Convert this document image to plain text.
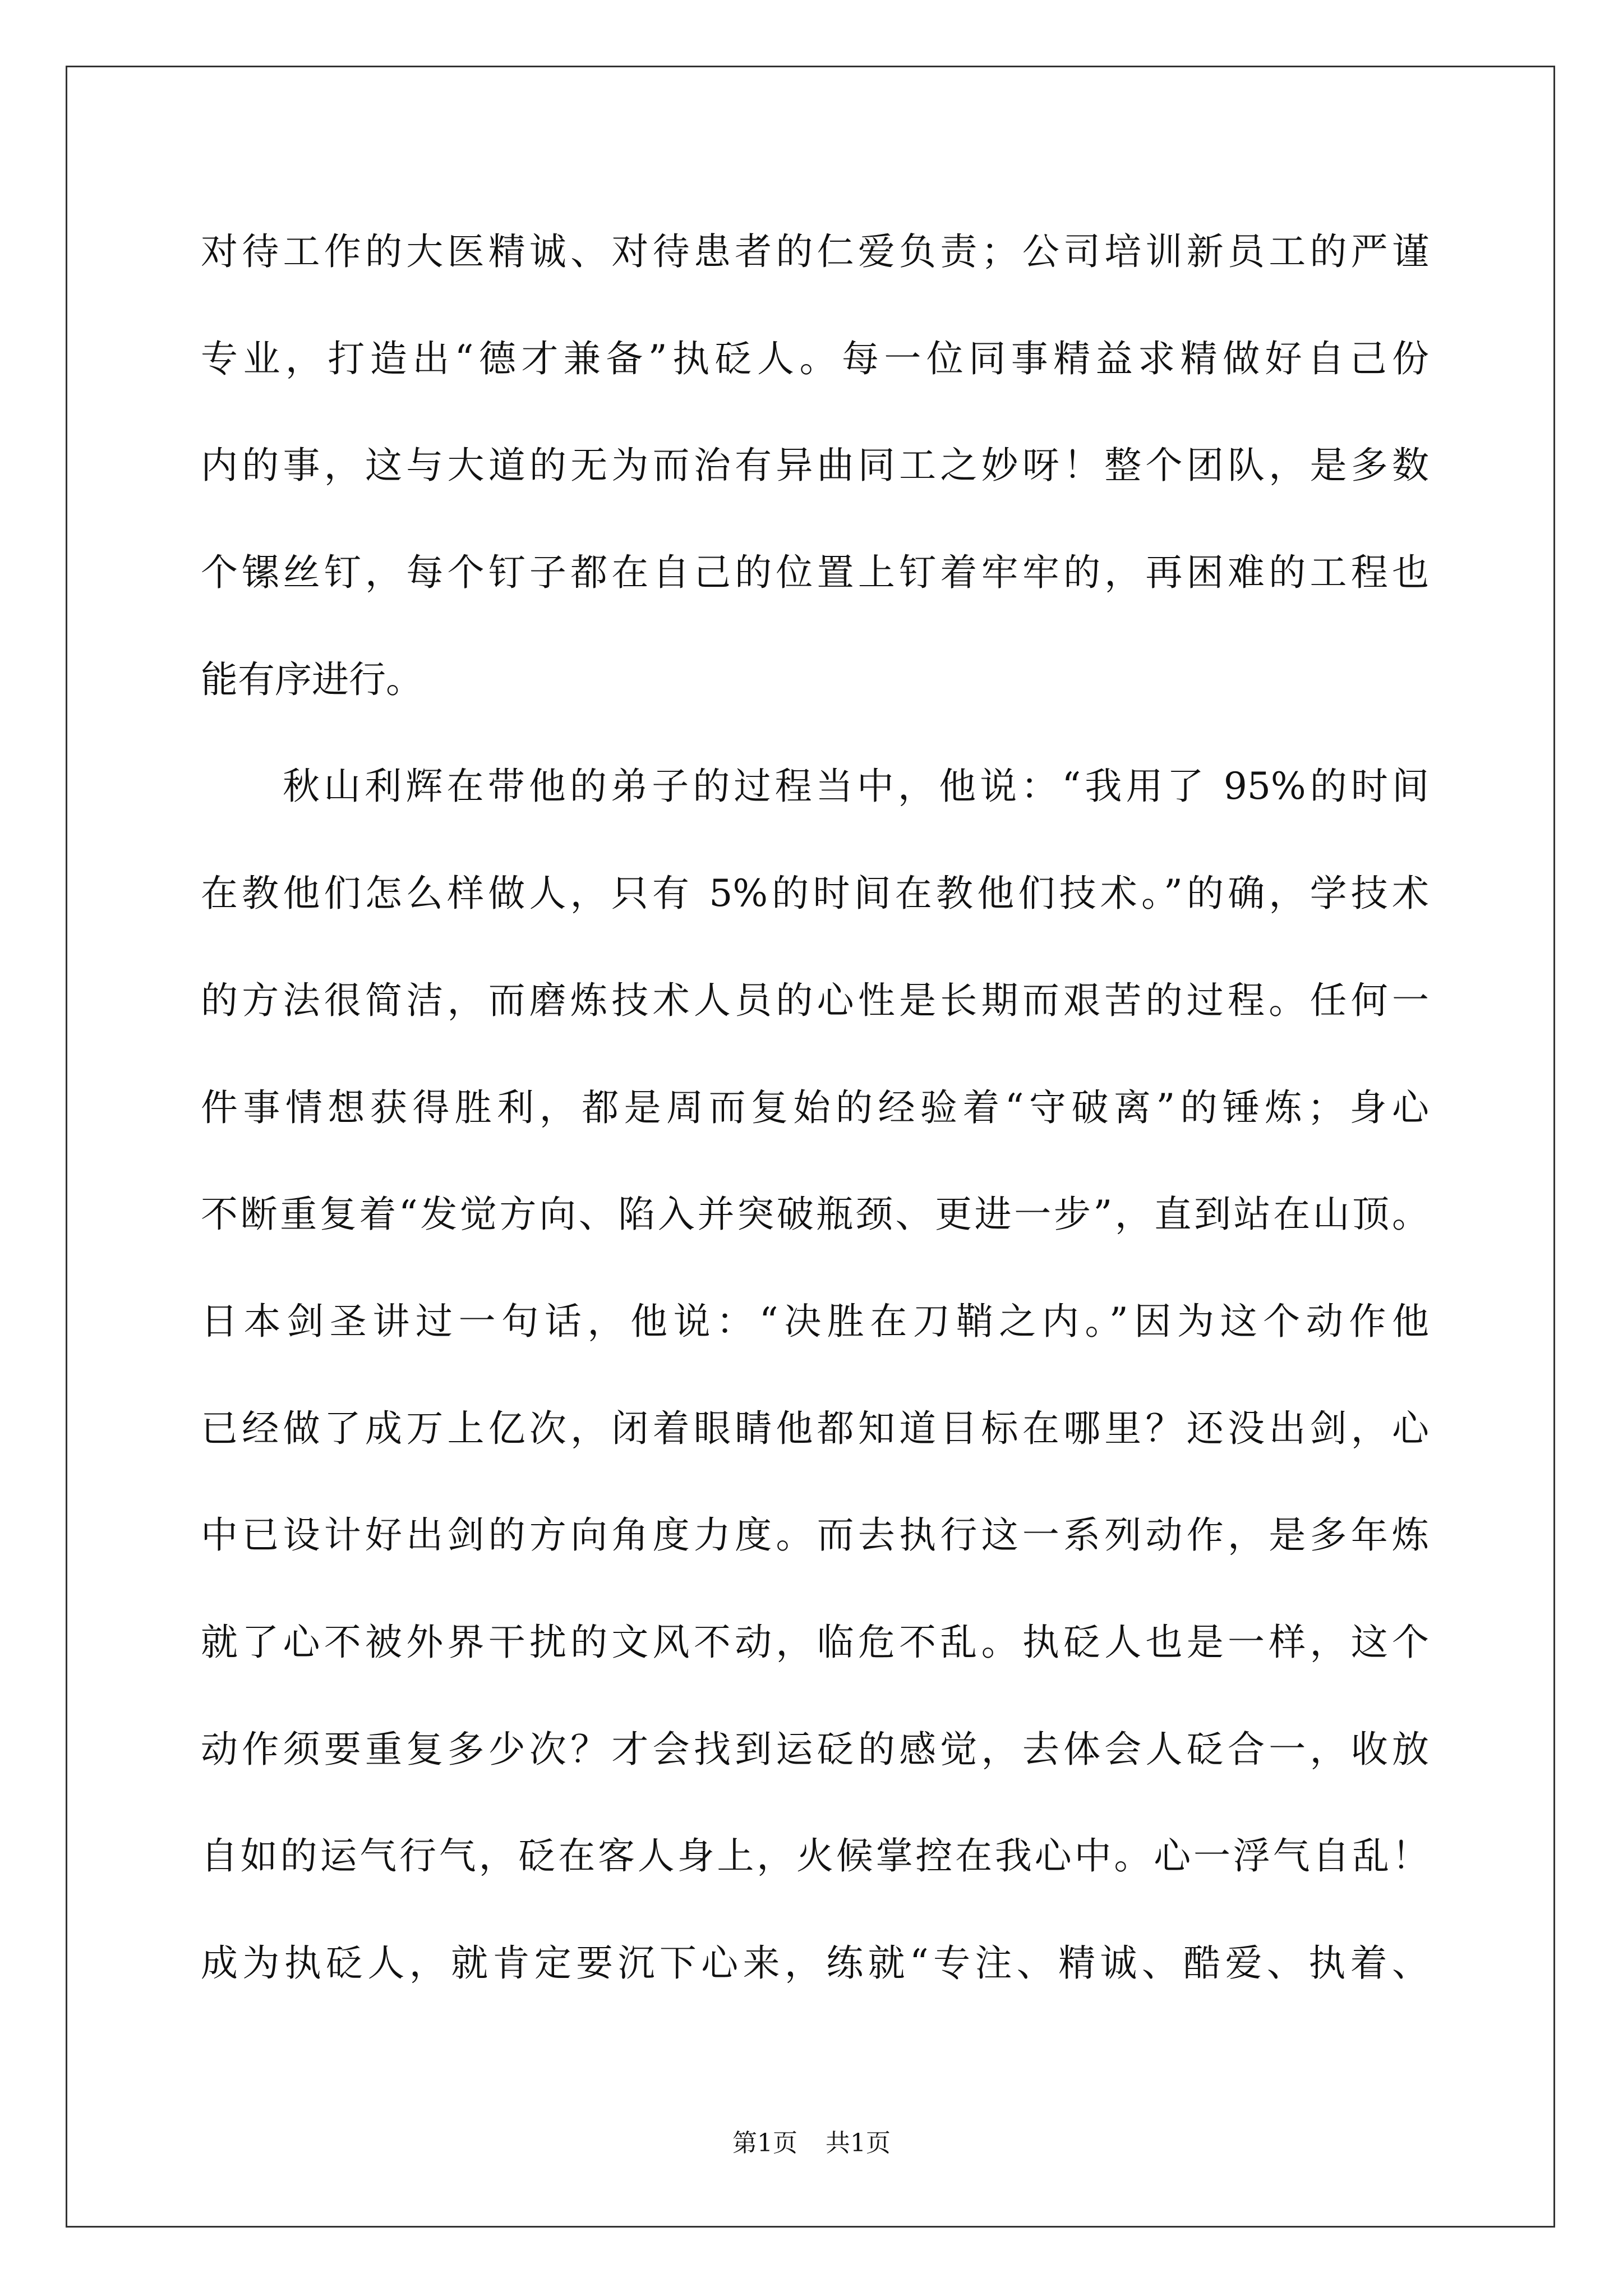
对待工作的大医精诚、对待患者的仁爱负责；公司培训新员工的严谨
专业，打造出“德才兼备”执砭人。每一位同事精益求精做好自己份
内的事，这与大道的无为而治有异曲同工之妙呀！整个团队，是多数
个镙丝钉，每个钉子都在自己的位置上钉着牢牢的，再困难的工程也
能有序进行。
秋山利辉在带他的弟子的过程当中，他说：“我用了 95%的时间
在教他们怎么样做人，只有 5%的时间在教他们技术。”的确，学技术
的方法很简洁，而磨炼技术人员的心性是长期而艰苦的过程。任何一
件事情想获得胜利，都是周而复始的经验着“守破离”的锤炼；身心
不断重复着“发觉方向、陷入并突破瓶颈、更进一步”，直到站在山顶。
日本剑圣讲过一句话，他说：“决胜在刀鞘之内。”因为这个动作他
已经做了成万上亿次，闭着眼睛他都知道目标在哪里？还没出剑，心
中已设计好出剑的方向角度力度。而去执行这一系列动作，是多年炼
就了心不被外界干扰的文风不动，临危不乱。执砭人也是一样，这个
动作须要重复多少次？才会找到运砭的感觉，去体会人砭合一，收放
自如的运气行气，砭在客人身上，火候掌控在我心中。心一浮气自乱！
成为执砭人，就肯定要沉下心来，练就“专注、精诚、酷爱、执着、
第1页 共1页
